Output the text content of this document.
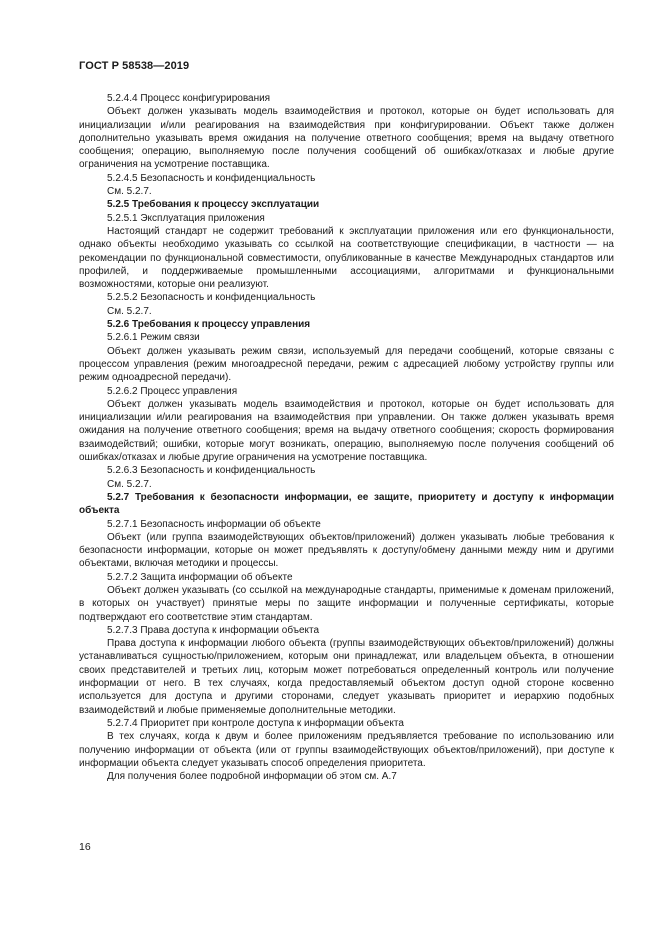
ГОСТ Р 58538—2019

5.2.4.4 Процесс конфигурирования

Объект должен указывать модель взаимодействия и протокол, которые он будет использовать для инициализации и/или реагирования на взаимодействия при конфигурировании. Объект также должен дополнительно указывать время ожидания на получение ответного сообщения; время на выдачу ответного сообщения; операцию, выполняемую после получения сообщений об ошибках/отказах и любые другие ограничения на усмотрение поставщика.

5.2.4.5 Безопасность и конфиденциальность

См. 5.2.7.

5.2.5 Требования к процессу эксплуатации

5.2.5.1 Эксплуатация приложения

Настоящий стандарт не содержит требований к эксплуатации приложения или его функциональности, однако объекты необходимо указывать со ссылкой на соответствующие спецификации, в частности — на рекомендации по функциональной совместимости, опубликованные в качестве Международных стандартов или профилей, и поддерживаемые промышленными ассоциациями, алгоритмами и функциональными возможностями, которые они реализуют.

5.2.5.2 Безопасность и конфиденциальность

См. 5.2.7.

5.2.6 Требования к процессу управления

5.2.6.1 Режим связи

Объект должен указывать режим связи, используемый для передачи сообщений, которые связаны с процессом управления (режим многоадресной передачи, режим с адресацией любому устройству группы или режим одноадресной передачи).

5.2.6.2 Процесс управления

Объект должен указывать модель взаимодействия и протокол, которые он будет использовать для инициализации и/или реагирования на взаимодействия при управлении. Он также должен указывать время ожидания на получение ответного сообщения; время на выдачу ответного сообщения; скорость формирования взаимодействий; ошибки, которые могут возникать, операцию, выполняемую после получения сообщений об ошибках/отказах и любые другие ограничения на усмотрение поставщика.

5.2.6.3 Безопасность и конфиденциальность

См. 5.2.7.

5.2.7 Требования к безопасности информации, ее защите, приоритету и доступу к информации объекта

5.2.7.1 Безопасность информации об объекте

Объект (или группа взаимодействующих объектов/приложений) должен указывать любые требования к безопасности информации, которые он может предъявлять к доступу/обмену данными между ним и другими объектами, включая методики и процессы.

5.2.7.2 Защита информации об объекте

Объект должен указывать (со ссылкой на международные стандарты, применимые к доменам приложений, в которых он участвует) принятые меры по защите информации и полученные сертификаты, которые подтверждают его соответствие этим стандартам.

5.2.7.3 Права доступа к информации объекта

Права доступа к информации любого объекта (группы взаимодействующих объектов/приложений) должны устанавливаться сущностью/приложением, которым они принадлежат, или владельцем объекта, в отношении своих представителей и третьих лиц, которым может потребоваться определенный контроль или получение информации от него. В тех случаях, когда предоставляемый объектом доступ одной стороне косвенно используется для доступа и другими сторонами, следует указывать приоритет и иерархию подобных взаимодействий и любые применяемые дополнительные методики.

5.2.7.4 Приоритет при контроле доступа к информации объекта

В тех случаях, когда к двум и более приложениям предъявляется требование по использованию или получению информации от объекта (или от группы взаимодействующих объектов/приложений), при доступе к информации объекта следует указывать способ определения приоритета.

Для получения более подробной информации об этом см. А.7

16
